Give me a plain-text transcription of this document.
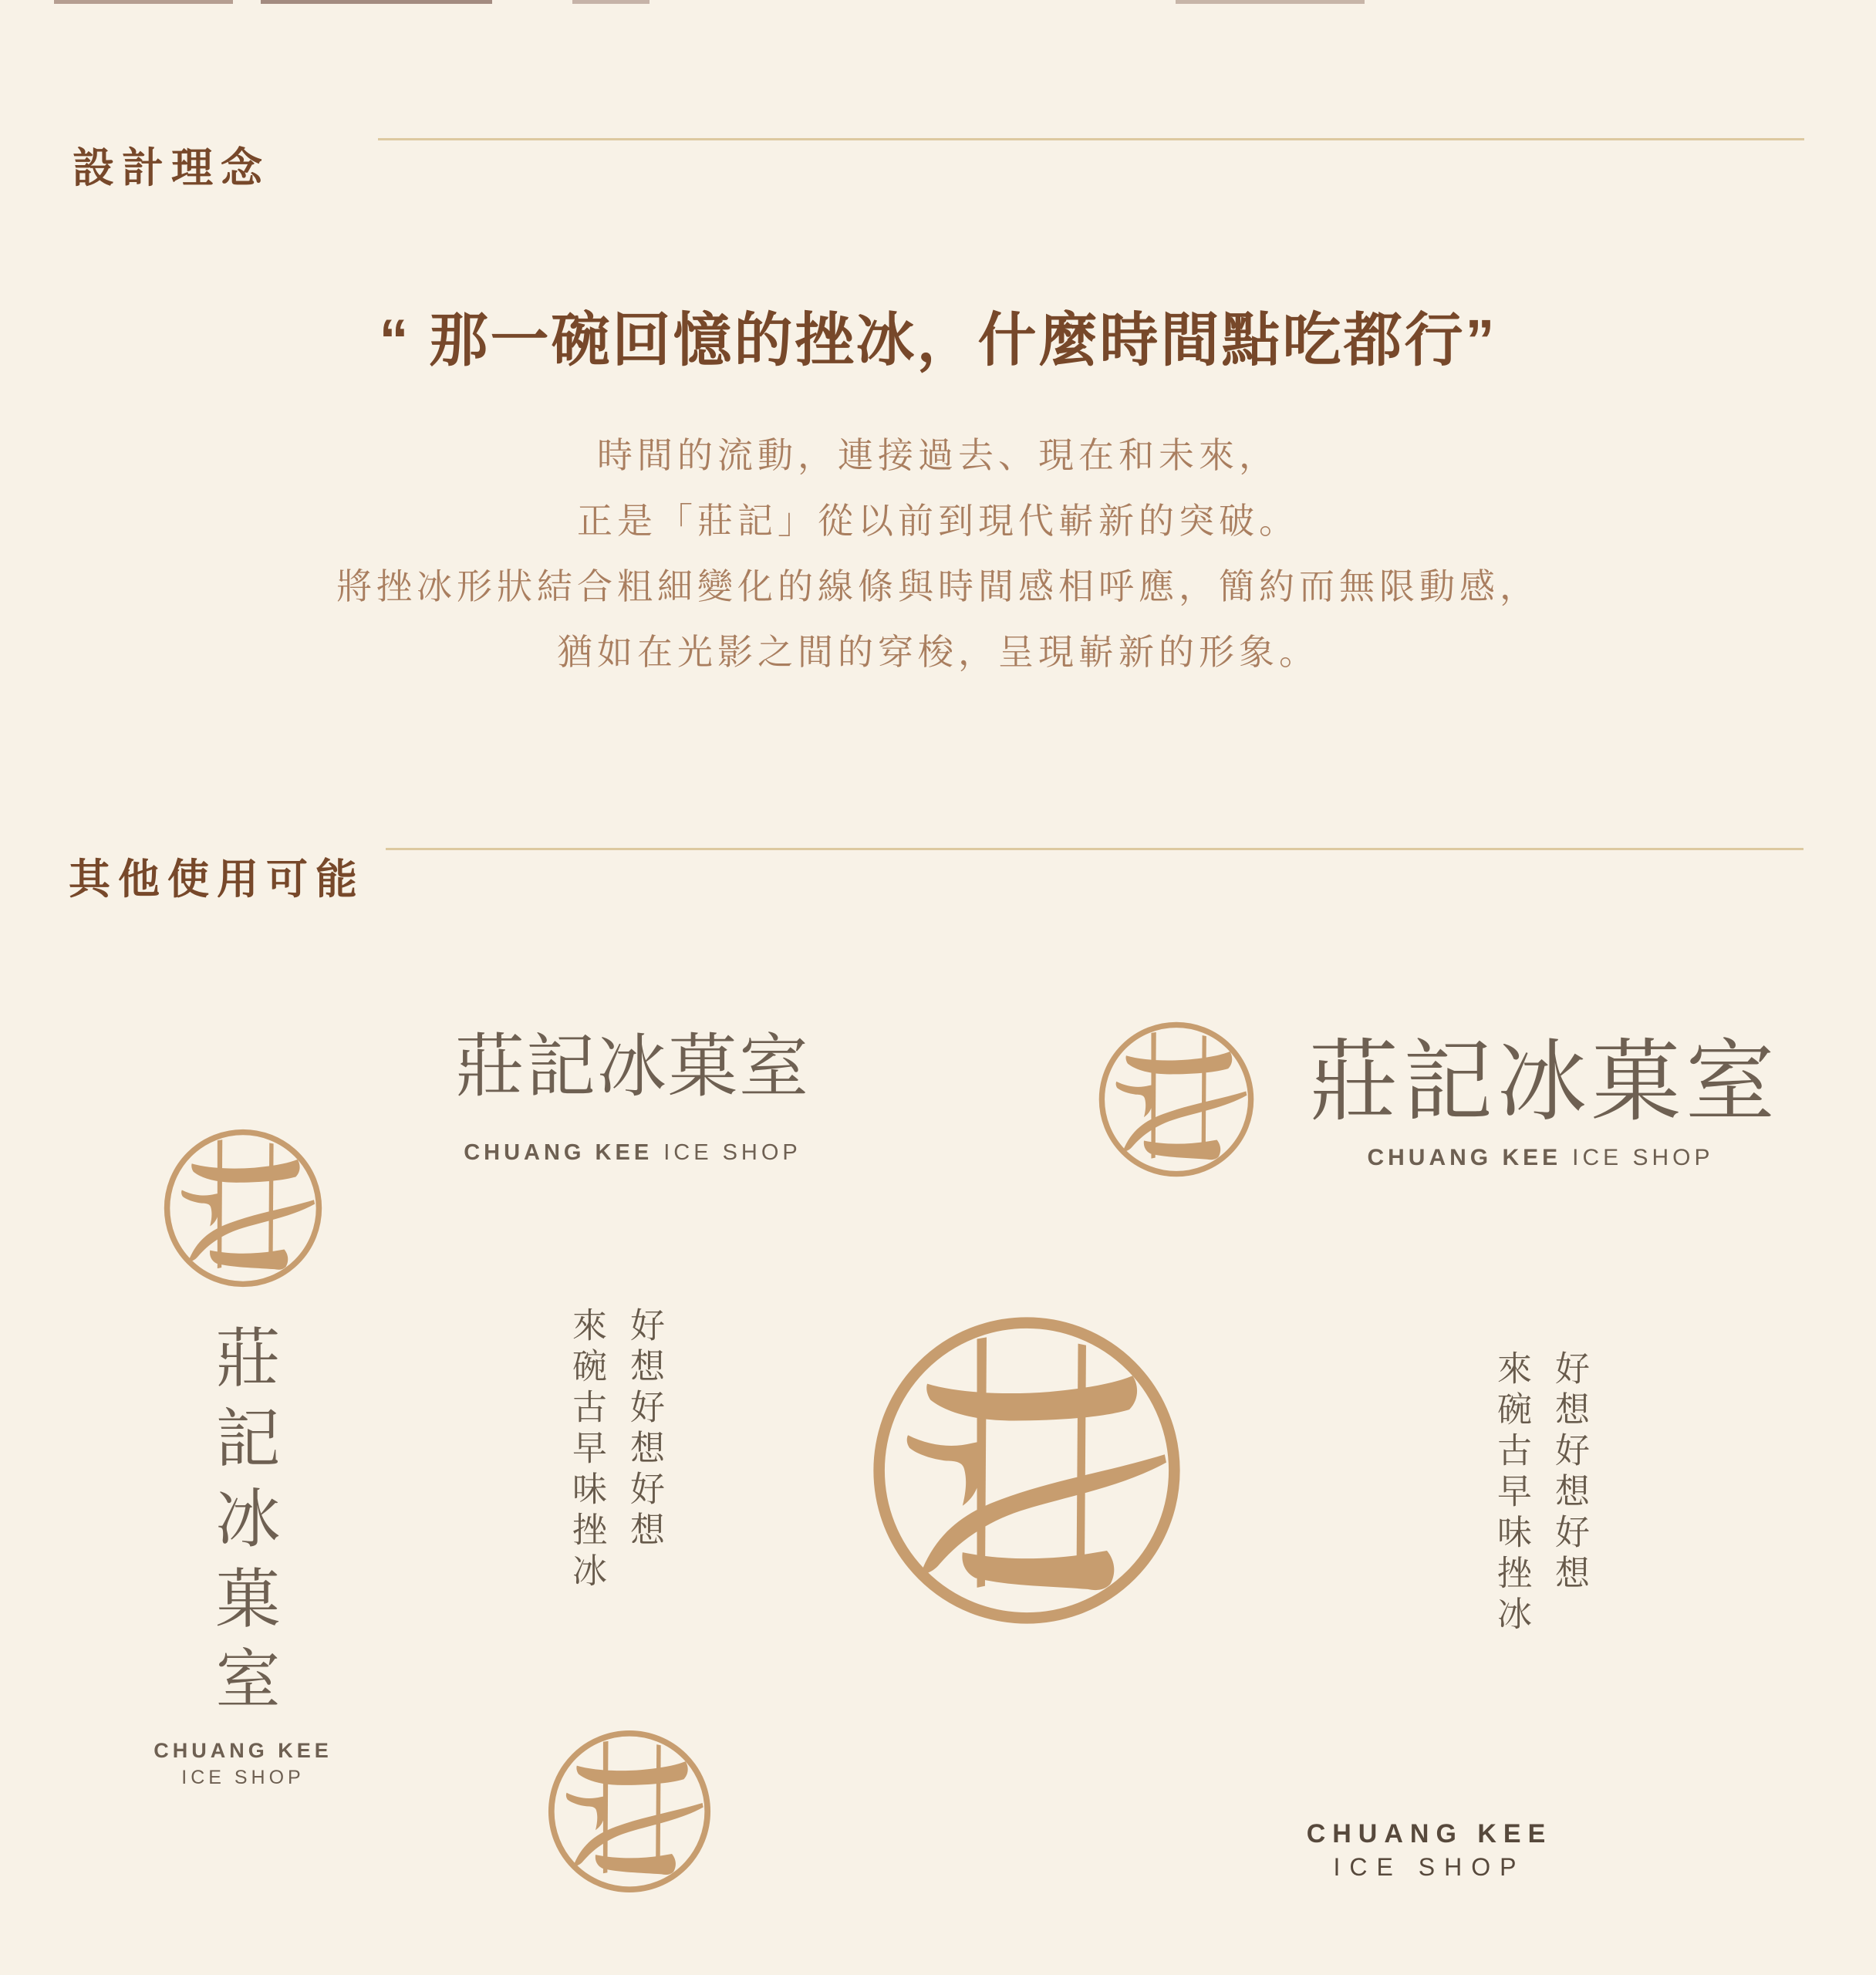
設計理念
“ 那一碗回憶的挫冰，什麼時間點吃都行”
時間的流動，連接過去、現在和未來，
正是「莊記」從以前到現代嶄新的突破。
將挫冰形狀結合粗細變化的線條與時間感相呼應，簡約而無限動感，
猶如在光影之間的穿梭，呈現嶄新的形象。
其他使用可能
莊記冰菓室
CHUANG KEE ICE SHOP
莊記冰菓室
CHUANG KEE ICE SHOP
莊記冰菓室
CHUANG KEE
ICE SHOP
好想好想好想
來碗古早味挫冰	好想好想好想
來碗古早味挫冰
CHUANG KEE
ICE SHOP
